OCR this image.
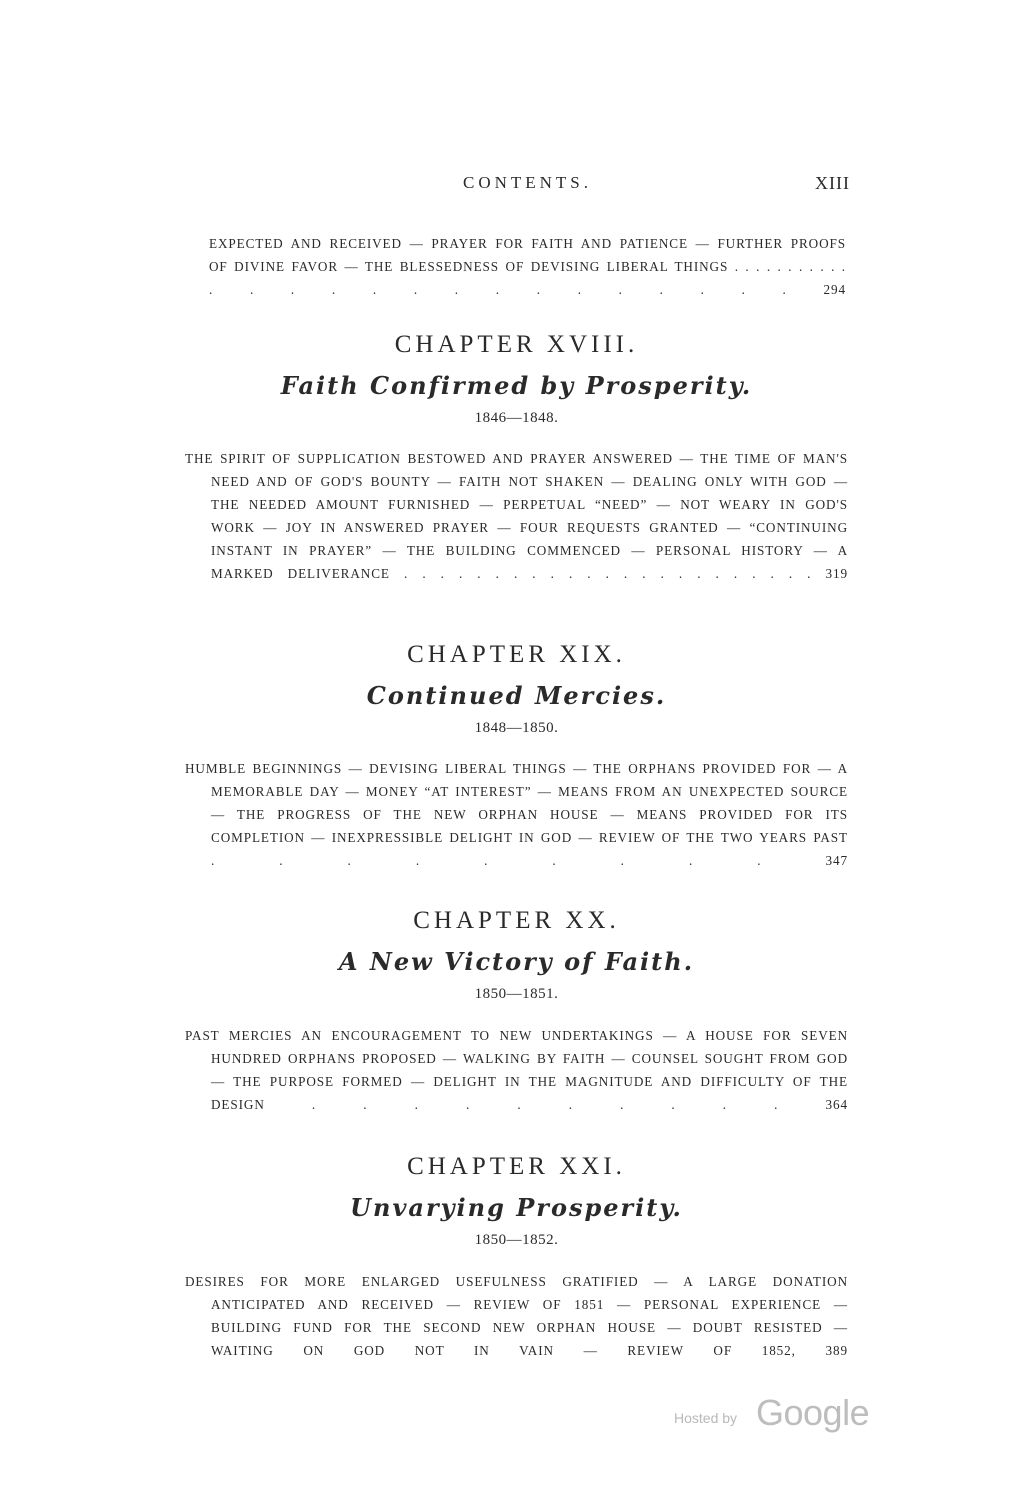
CONTENTS.	XIII
EXPECTED AND RECEIVED — PRAYER FOR FAITH AND PATIENCE — FURTHER PROOFS OF DIVINE FAVOR — THE BLESSEDNESS OF DEVISING LIBERAL THINGS . . . . . . . . . . . . . . . . . . . . . . . . . . 294
CHAPTER XVIII.
Faith Confirmed by Prosperity.
1846—1848.
THE SPIRIT OF SUPPLICATION BESTOWED AND PRAYER ANSWERED — THE TIME OF MAN'S NEED AND OF GOD'S BOUNTY — FAITH NOT SHAKEN — DEALING ONLY WITH GOD — THE NEEDED AMOUNT FURNISHED — PERPETUAL “NEED” — NOT WEARY IN GOD'S WORK — JOY IN ANSWERED PRAYER — FOUR REQUESTS GRANTED — “CONTINUING INSTANT IN PRAYER” — THE BUILDING COMMENCED — PERSONAL HISTORY — A MARKED DELIVERANCE . . . . . . . . . . . . . . . . . . . . . . . 319
CHAPTER XIX.
Continued Mercies.
1848—1850.
HUMBLE BEGINNINGS — DEVISING LIBERAL THINGS — THE ORPHANS PROVIDED FOR — A MEMORABLE DAY — MONEY “AT INTEREST” — MEANS FROM AN UNEXPECTED SOURCE — THE PROGRESS OF THE NEW ORPHAN HOUSE — MEANS PROVIDED FOR ITS COMPLETION — INEXPRESSIBLE DELIGHT IN GOD — REVIEW OF THE TWO YEARS PAST . . . . . . . . . 347
CHAPTER XX.
A New Victory of Faith.
1850—1851.
PAST MERCIES AN ENCOURAGEMENT TO NEW UNDERTAKINGS — A HOUSE FOR SEVEN HUNDRED ORPHANS PROPOSED — WALKING BY FAITH — COUNSEL SOUGHT FROM GOD — THE PURPOSE FORMED — DELIGHT IN THE MAGNITUDE AND DIFFICULTY OF THE DESIGN . . . . . . . . . . 364
CHAPTER XXI.
Unvarying Prosperity.
1850—1852.
DESIRES FOR MORE ENLARGED USEFULNESS GRATIFIED — A LARGE DONATION ANTICIPATED AND RECEIVED — REVIEW OF 1851 — PERSONAL EXPERIENCE — BUILDING FUND FOR THE SECOND NEW ORPHAN HOUSE — DOUBT RESISTED — WAITING ON GOD NOT IN VAIN — REVIEW OF 1852, 389
Hosted by Google
